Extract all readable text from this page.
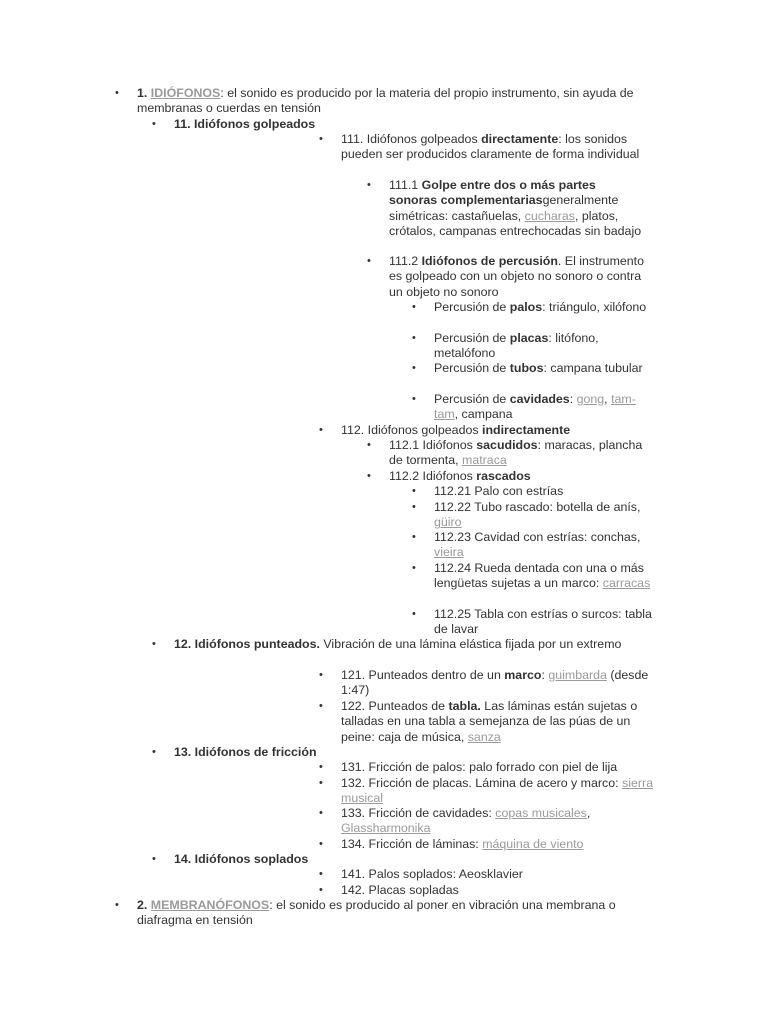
• 1. IDIÓFONOS: el sonido es producido por la materia del propio instrumento, sin ayuda de membranas o cuerdas en tensión
• 11. Idiófonos golpeados
• 111. Idiófonos golpeados directamente: los sonidos pueden ser producidos claramente de forma individual
• 111.1 Golpe entre dos o más partes sonoras complementariasgeneralmente simétricas: castañuelas, cucharas, platos, crótalos, campanas entrechocadas sin badajo
• 111.2 Idiófonos de percusión. El instrumento es golpeado con un objeto no sonoro o contra un objeto no sonoro
• Percusión de palos: triángulo, xilófono
• Percusión de placas: litófono, metalófono
• Percusión de tubos: campana tubular
• Percusión de cavidades: gong, tam-tam, campana
• 112. Idiófonos golpeados indirectamente
• 112.1 Idiófonos sacudidos: maracas, plancha de tormenta, matraca
• 112.2 Idiófonos rascados
• 112.21 Palo con estrías
• 112.22 Tubo rascado: botella de anís, güiro
• 112.23 Cavidad con estrías: conchas, vieira
• 112.24 Rueda dentada con una o más lengüetas sujetas a un marco: carracas
• 112.25 Tabla con estrías o surcos: tabla de lavar
• 12. Idiófonos punteados. Vibración de una lámina elástica fijada por un extremo
• 121. Punteados dentro de un marco: guimbarda (desde 1:47)
• 122. Punteados de tabla. Las láminas están sujetas o talladas en una tabla a semejanza de las púas de un peine: caja de música, sanza
• 13. Idiófonos de fricción
• 131. Fricción de palos: palo forrado con piel de lija
• 132. Fricción de placas. Lámina de acero y marco: sierra musical
• 133. Fricción de cavidades: copas musicales, Glassharmonika
• 134. Fricción de láminas: máquina de viento
• 14. Idiófonos soplados
• 141. Palos soplados: Aeosklavier
• 142. Placas sopladas
• 2. MEMBRANÓFONOS: el sonido es producido al poner en vibración una membrana o diafragma en tensión
